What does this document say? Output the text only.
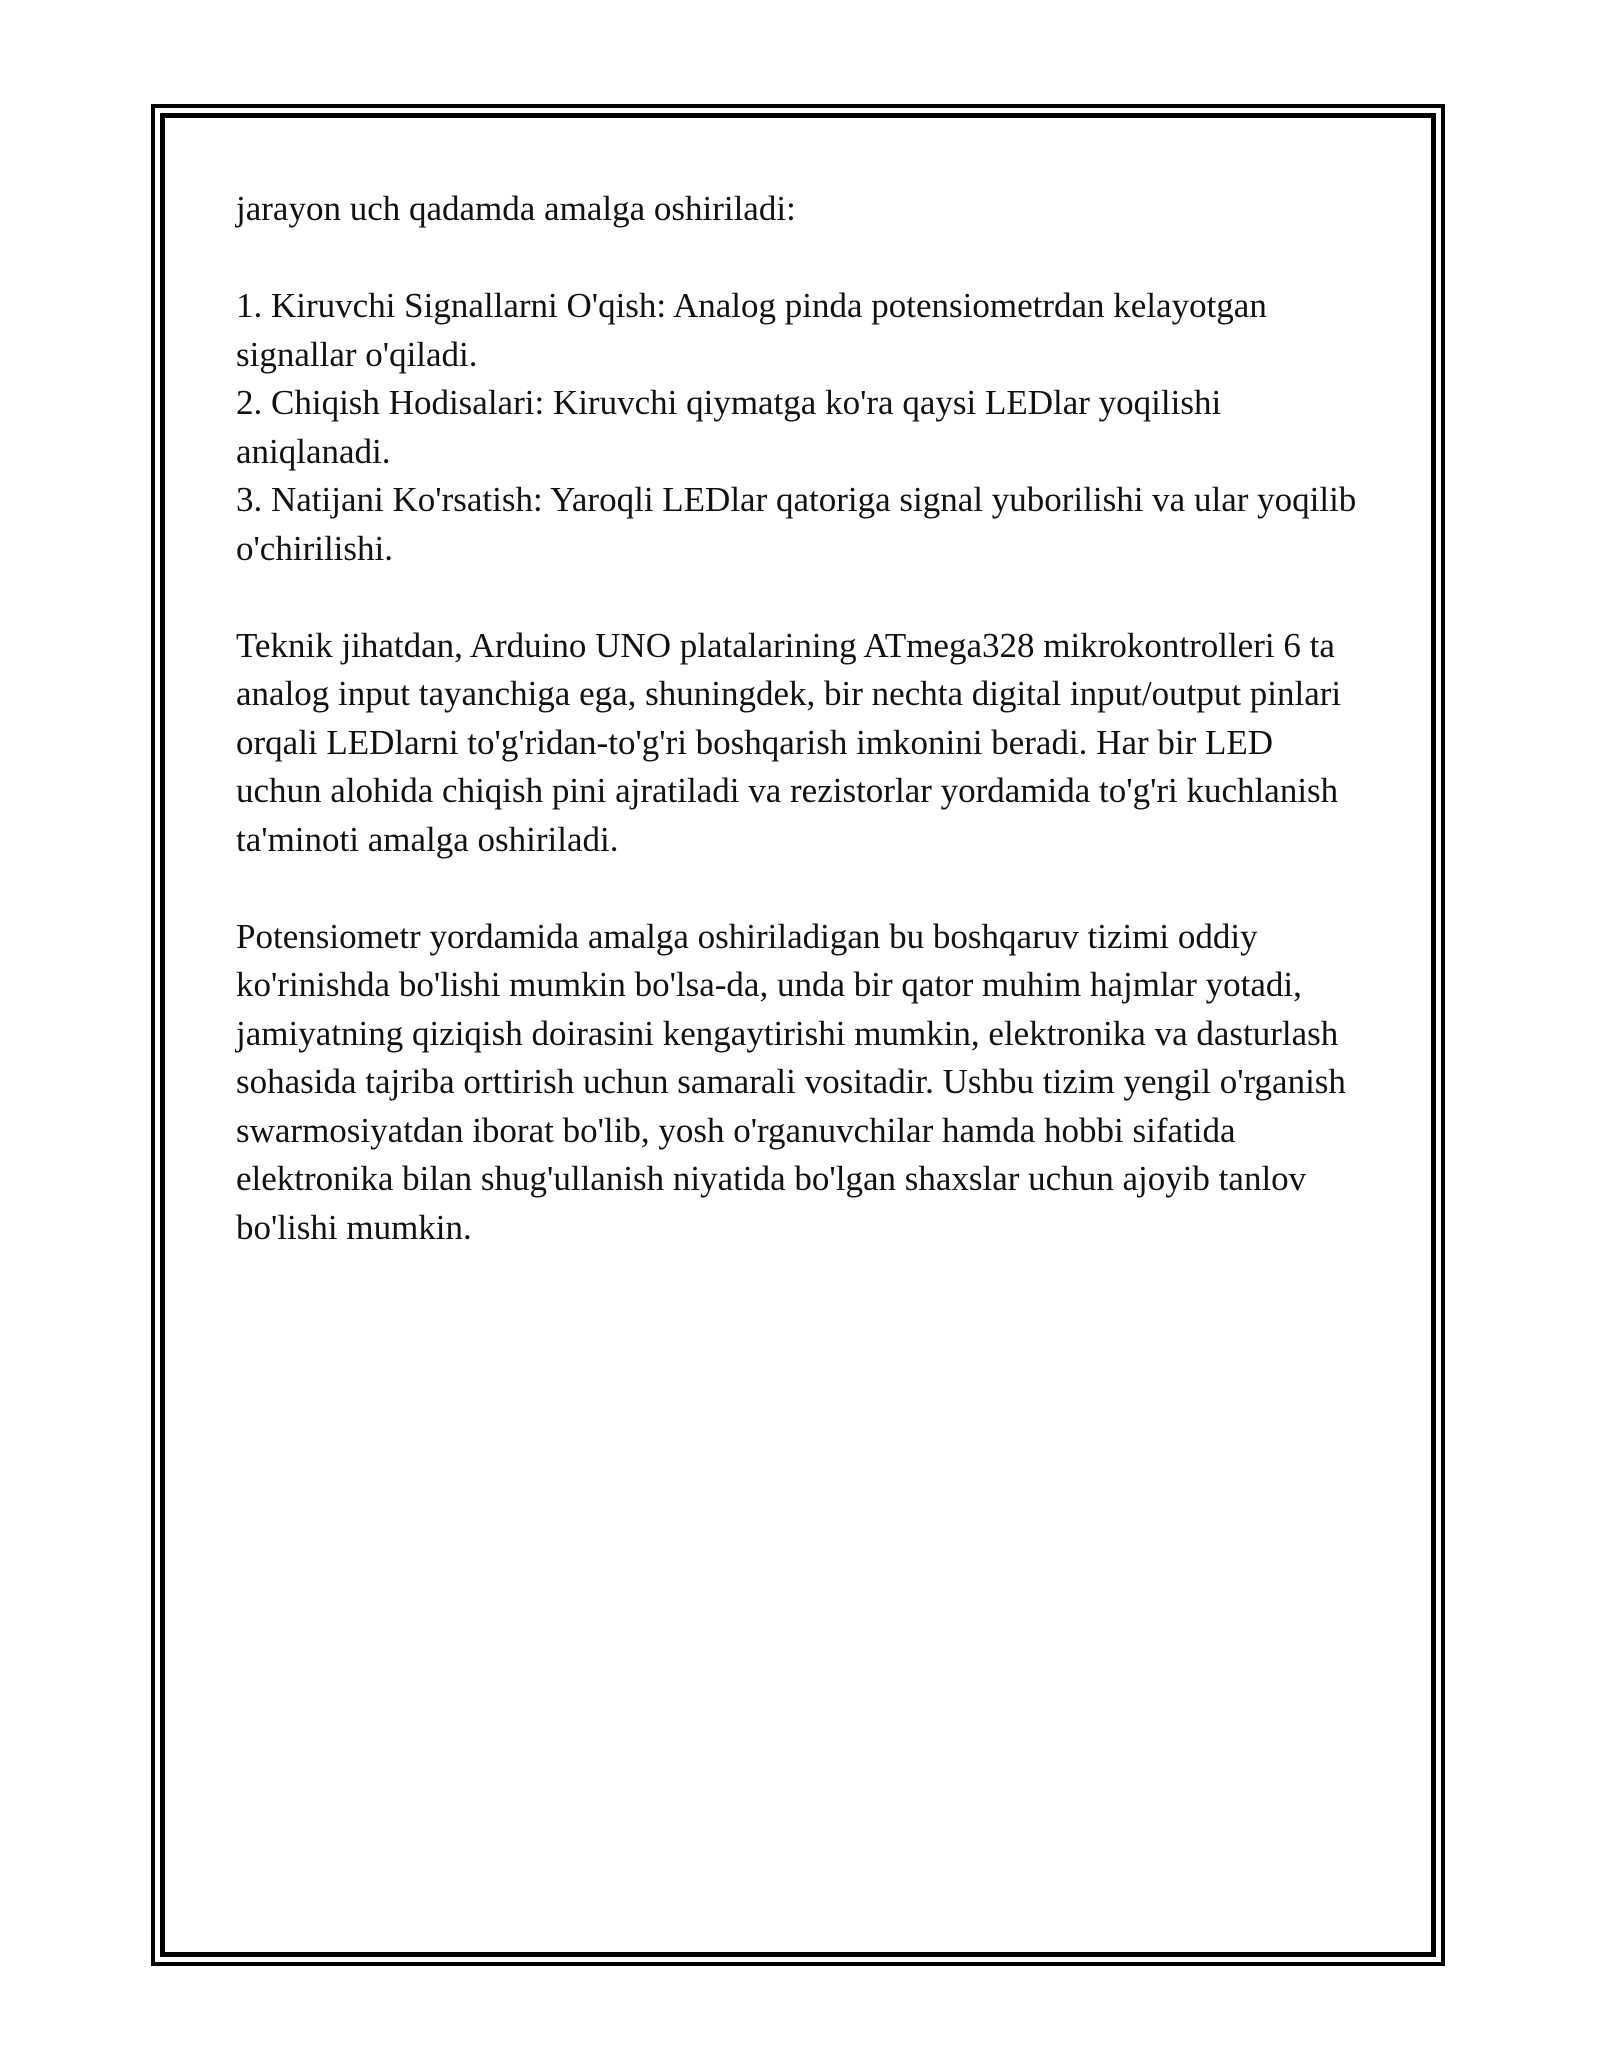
jarayon uch qadamda amalga oshiriladi:

1. Kiruvchi Signallarni O'qish: Analog pinda potensiometrdan kelayotgan signallar o'qiladi.

2. Chiqish Hodisalari: Kiruvchi qiymatga ko'ra qaysi LEDlar yoqilishi aniqlanadi.

3. Natijani Ko'rsatish: Yaroqli LEDlar qatoriga signal yuborilishi va ular yoqilib o'chirilishi.

Teknik jihatdan, Arduino UNO platalarining ATmega328 mikrokontrolleri 6 ta analog input tayanchiga ega, shuningdek, bir nechta digital input/output pinlari orqali LEDlarni to'g'ridan-to'g'ri boshqarish imkonini beradi. Har bir LED uchun alohida chiqish pini ajratiladi va rezistorlar yordamida to'g'ri kuchlanish ta'minoti amalga oshiriladi.

Potensiometr yordamida amalga oshiriladigan bu boshqaruv tizimi oddiy ko'rinishda bo'lishi mumkin bo'lsa-da, unda bir qator muhim hajmlar yotadi, jamiyatning qiziqish doirasini kengaytirishi mumkin, elektronika va dasturlash sohasida tajriba orttirish uchun samarali vositadir. Ushbu tizim yengil o'rganish swarmosiyatdan iborat bo'lib, yosh o'rganuvchilar hamda hobbi sifatida elektronika bilan shug'ullanish niyatida bo'lgan shaxslar uchun ajoyib tanlov bo'lishi mumkin.
